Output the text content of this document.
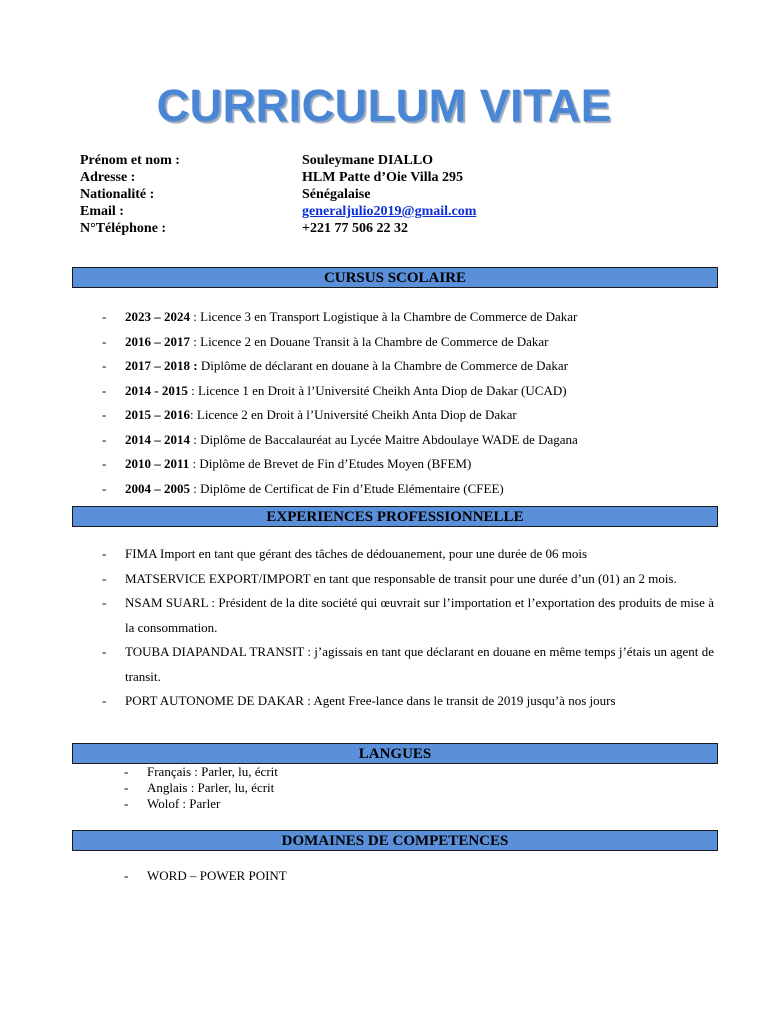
CURRICULUM VITAE
Prénom et nom :	Souleymane DIALLO
Adresse :	HLM Patte d’Oie Villa 295
Nationalité :	Sénégalaise
Email :	generaljulio2019@gmail.com
N°Téléphone :	+221 77 506 22 32
CURSUS SCOLAIRE
- 2023 – 2024 : Licence 3 en Transport Logistique à la Chambre de Commerce de Dakar
- 2016 – 2017 : Licence 2 en Douane Transit à la Chambre de Commerce de Dakar
- 2017 – 2018 : Diplôme de déclarant en douane à la Chambre de Commerce de Dakar
- 2014 - 2015 : Licence 1 en Droit à l’Université Cheikh Anta Diop de Dakar (UCAD)
- 2015 – 2016: Licence 2 en Droit à l’Université Cheikh Anta Diop de Dakar
- 2014 – 2014 : Diplôme de Baccalauréat au Lycée Maitre Abdoulaye WADE de Dagana
- 2010 – 2011 : Diplôme de Brevet de Fin d’Etudes Moyen (BFEM)
- 2004 – 2005 : Diplôme de Certificat de Fin d’Etude Elémentaire (CFEE)
EXPERIENCES PROFESSIONNELLE
- FIMA Import en tant que gérant des tâches de dédouanement, pour une durée de 06 mois
- MATSERVICE EXPORT/IMPORT en tant que responsable de transit pour une durée d’un (01) an 2 mois.
- NSAM SUARL : Président de la dite société qui œuvrait sur l’importation et l’exportation des produits de mise à la consommation.
- TOUBA DIAPANDAL TRANSIT : j’agissais en tant que déclarant en douane en même temps j’étais un agent de transit.
- PORT AUTONOME DE DAKAR : Agent Free-lance dans le transit de 2019 jusqu’à nos jours
LANGUES
- Français : Parler, lu, écrit
- Anglais : Parler, lu, écrit
- Wolof : Parler
DOMAINES DE COMPETENCES
- WORD – POWER POINT
